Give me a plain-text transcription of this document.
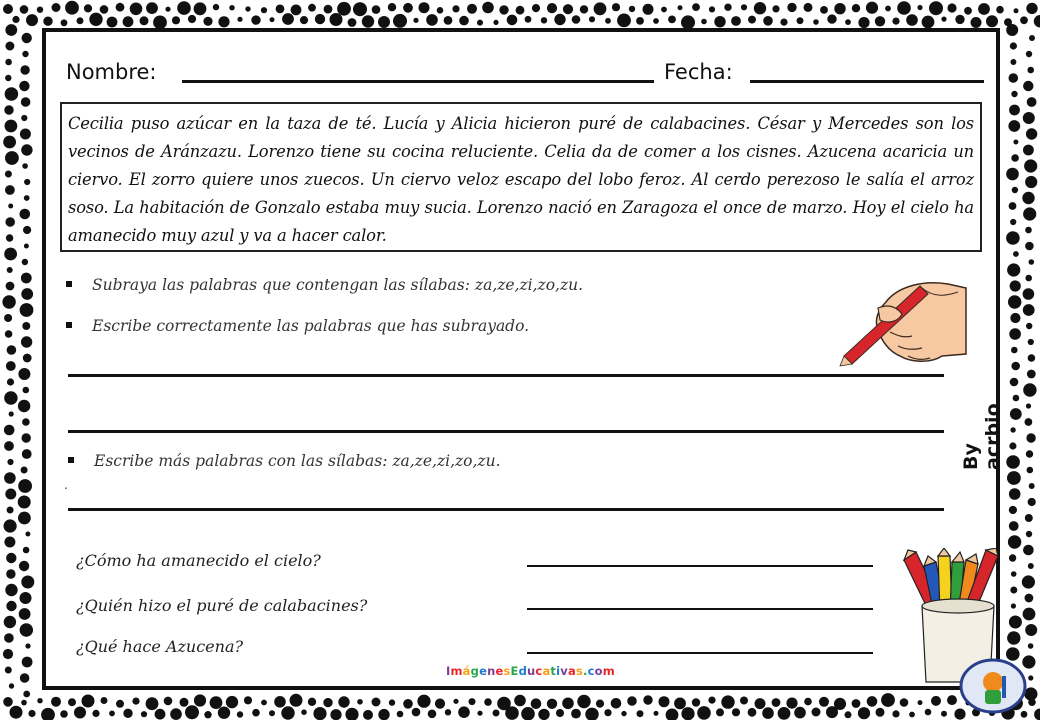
Nombre:	Fecha:
Cecilia puso azúcar en la taza de té. Lucía y Alicia hicieron puré de calabacines. César y Mercedes son los vecinos de Aránzazu. Lorenzo tiene su cocina reluciente. Celia da de comer a los cisnes. Azucena acaricia un ciervo. El zorro quiere unos zuecos. Un ciervo veloz escapo del lobo feroz. Al cerdo perezoso le salía el arroz soso. La habitación de Gonzalo estaba muy sucia. Lorenzo nació en Zaragoza el once de marzo. Hoy el cielo ha amanecido muy azul y va a hacer calor.
Subraya las palabras que contengan las sílabas: za,ze,zi,zo,zu.
Escribe correctamente las palabras que has subrayado.
Escribe más palabras con las sílabas: za,ze,zi,zo,zu.
.
¿Cómo ha amanecido el cielo?
¿Quién hizo el puré de calabacines?
¿Qué hace Azucena?
By acrbio
ImágenesEducativas.com
